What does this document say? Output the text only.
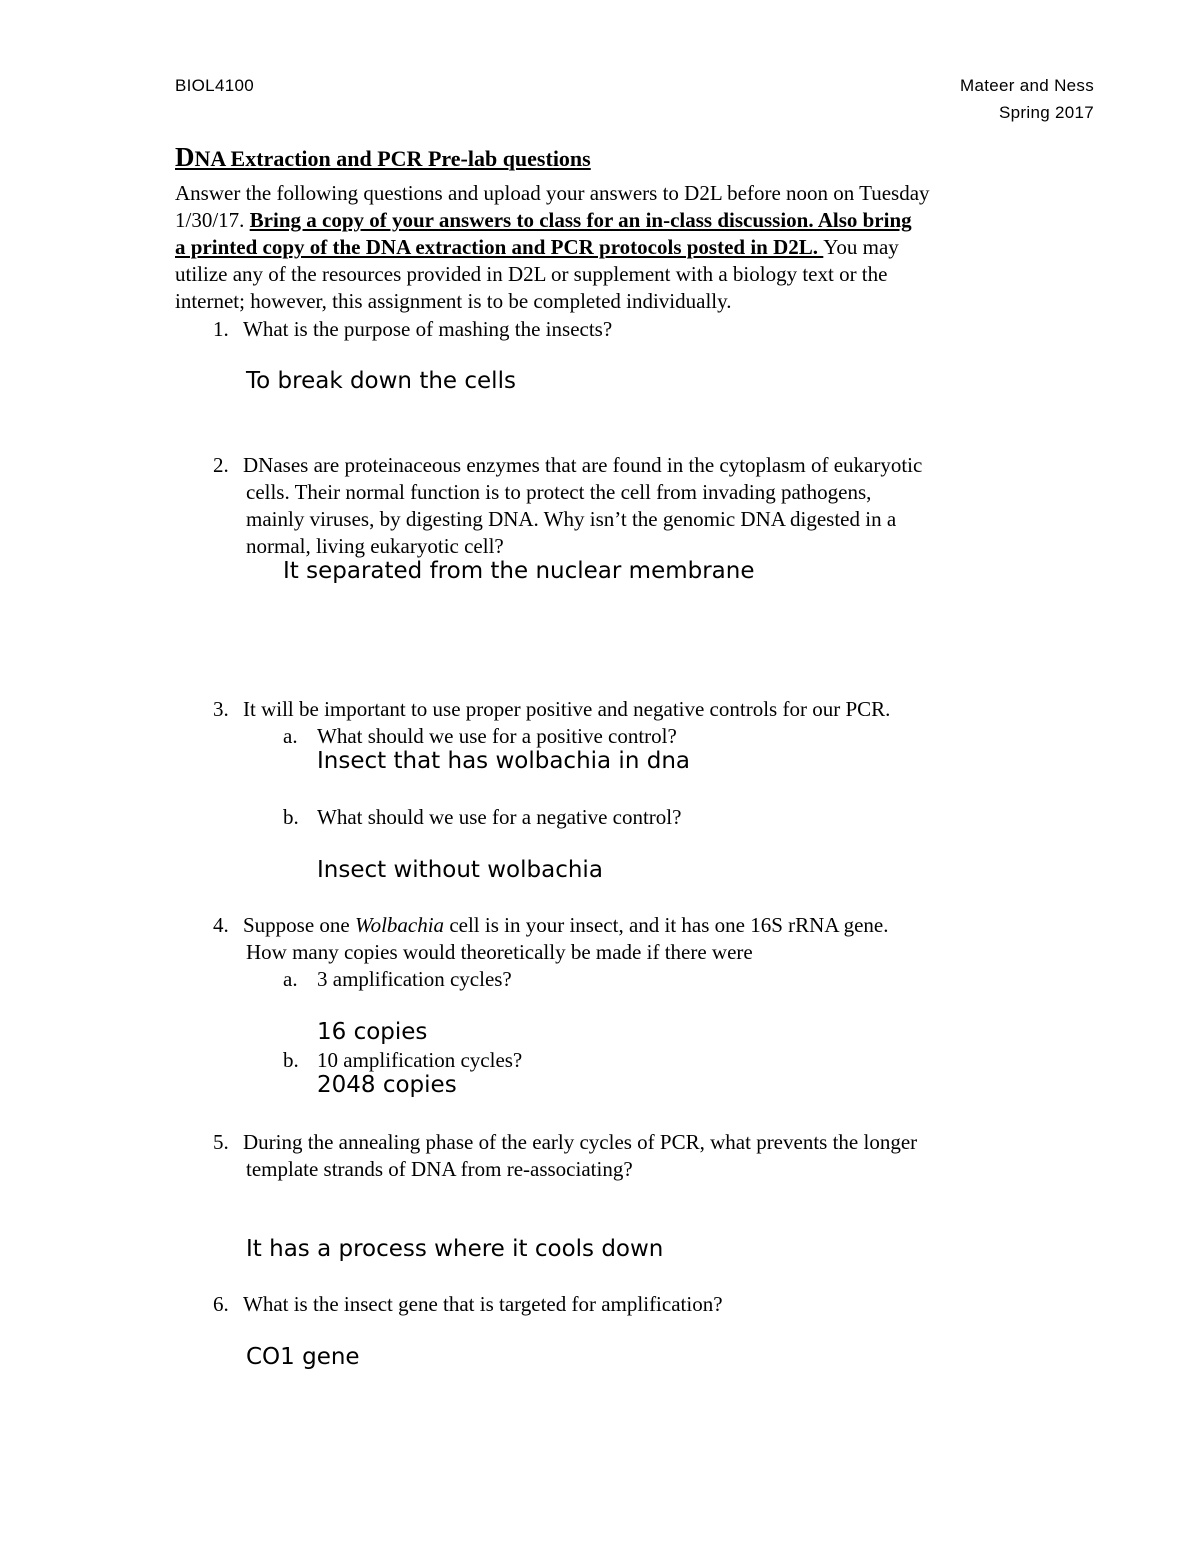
BIOL4100	Mateer and Ness
Spring 2017
DNA Extraction and PCR Pre-lab questions
Answer the following questions and upload your answers to D2L before noon on Tuesday
1/30/17. Bring a copy of your answers to class for an in-class discussion. Also bring
a printed copy of the DNA extraction and PCR protocols posted in D2L. You may
utilize any of the resources provided in D2L or supplement with a biology text or the
internet; however, this assignment is to be completed individually.
1. What is the purpose of mashing the insects?
To break down the cells
2. DNases are proteinaceous enzymes that are found in the cytoplasm of eukaryotic
cells. Their normal function is to protect the cell from invading pathogens,
mainly viruses, by digesting DNA. Why isn’t the genomic DNA digested in a
normal, living eukaryotic cell?
It separated from the nuclear membrane
3. It will be important to use proper positive and negative controls for our PCR.
a. What should we use for a positive control?
Insect that has wolbachia in dna
b. What should we use for a negative control?
Insect without wolbachia
4. Suppose one Wolbachia cell is in your insect, and it has one 16S rRNA gene.
How many copies would theoretically be made if there were
a. 3 amplification cycles?
16 copies
b. 10 amplification cycles?
2048 copies
5. During the annealing phase of the early cycles of PCR, what prevents the longer
template strands of DNA from re-associating?
It has a process where it cools down
6. What is the insect gene that is targeted for amplification?
CO1 gene
